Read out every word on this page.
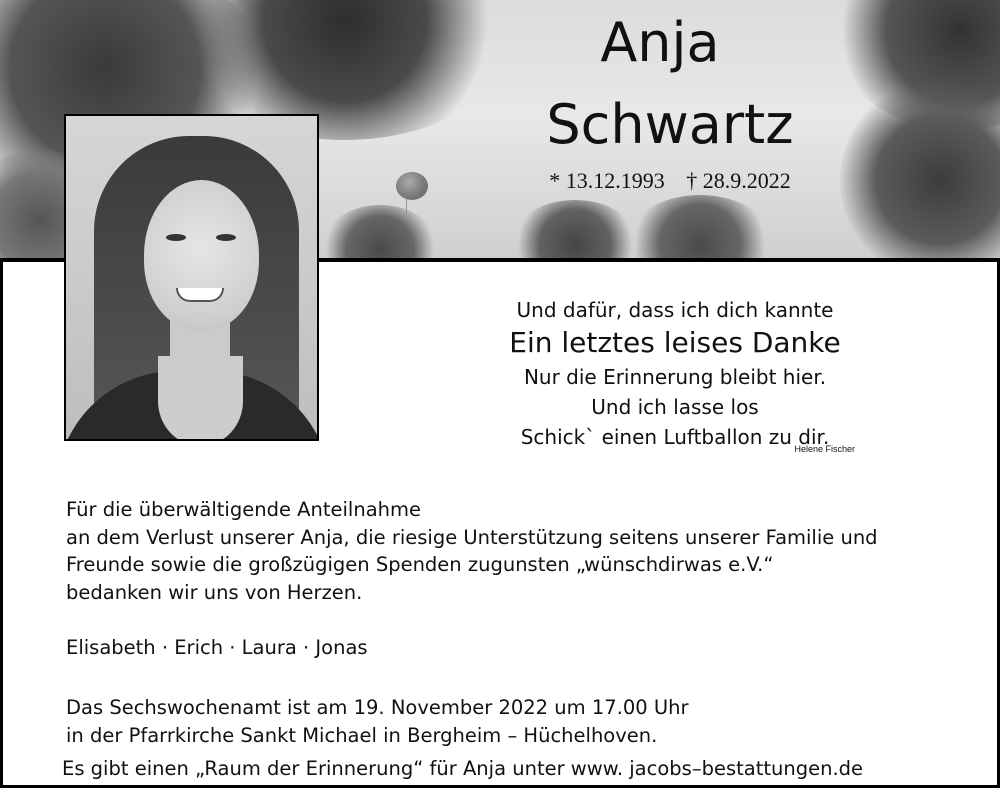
Anja
Schwartz
* 13.12.1993 † 28.9.2022
Und dafür, dass ich dich kannte
Ein letztes leises Danke
Nur die Erinnerung bleibt hier.
Und ich lasse los
Schick` einen Luftballon zu dir.
Helene Fischer
Für die überwältigende Anteilnahme
an dem Verlust unserer Anja, die riesige Unterstützung seitens unserer Familie und
Freunde sowie die großzügigen Spenden zugunsten „wünschdirwas e.V.“
bedanken wir uns von Herzen.
Elisabeth · Erich · Laura · Jonas
Das Sechswochenamt ist am 19. November 2022 um 17.00 Uhr
in der Pfarrkirche Sankt Michael in Bergheim – Hüchelhoven.
Es gibt einen „Raum der Erinnerung“ für Anja unter www. jacobs–bestattungen.de
